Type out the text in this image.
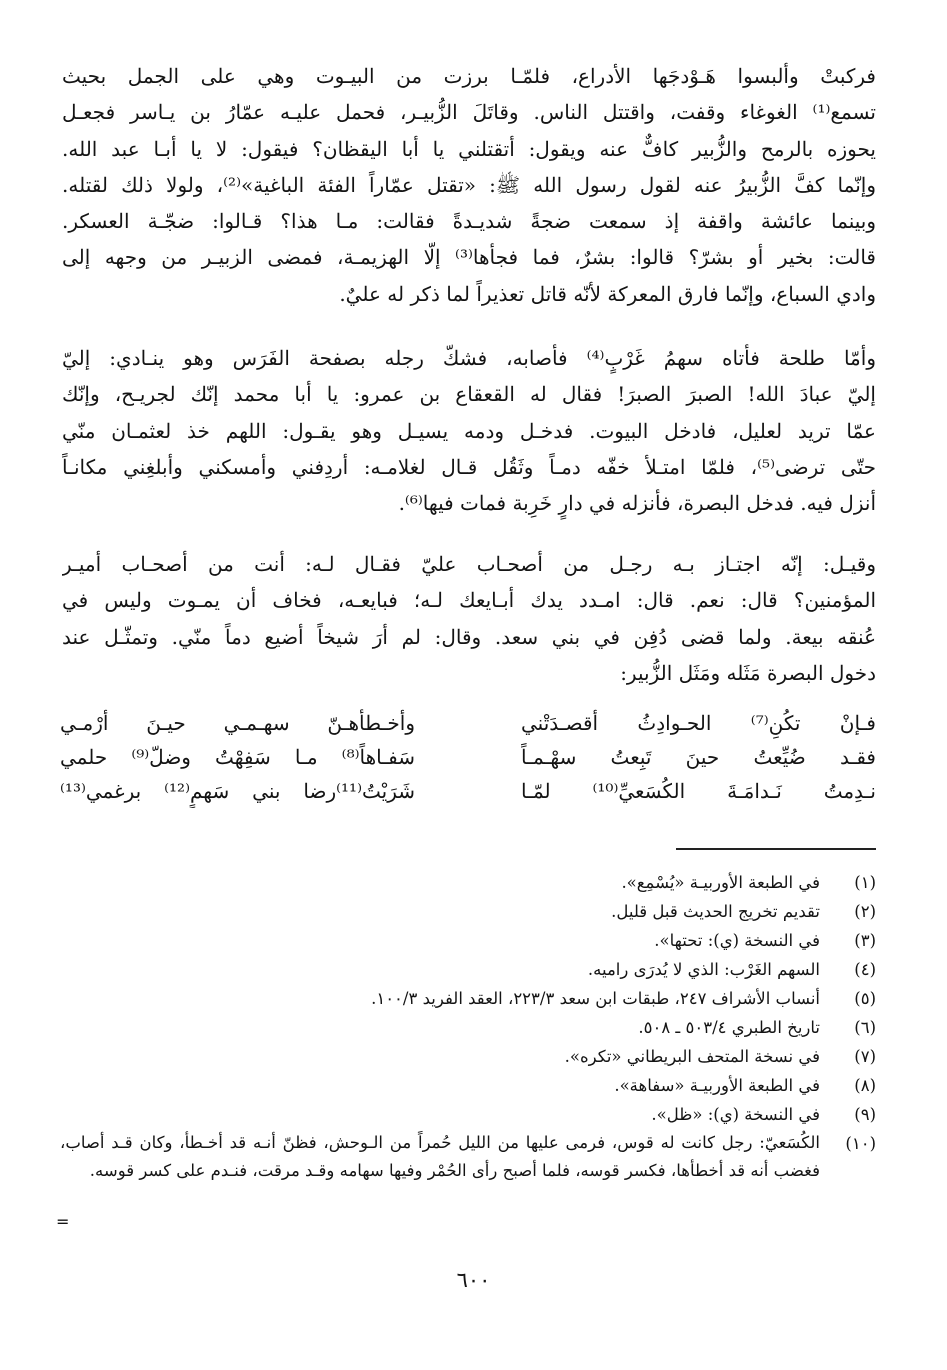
فركبتْ وألبسوا هَـوْدجَها الأدراع، فلمّـا برزت من البيـوت وهي على الجمل بحيث
تسمع⁽¹⁾ الغوغاء وقفت، واقتتل الناس. وقاتَلَ الزُّبيـر، فحمل عليـه عمّارُ بن يـاسر فجعـل
يحوزه بالرمح والزُّبير كافٌّ عنه ويقول: أتقتلني يا أبا اليقظان؟ فيقول: لا يا أبـا عبد الله.
وإنّما كفَّ الزُّبيرُ عنه لقول رسول الله ﷺ: «تقتل عمّاراً الفئة الباغية»⁽²⁾، ولولا ذلك لقتله.
وبينما عائشة واقفة إذ سمعت ضجةً شديـدةً فقالت: مـا هذا؟ قـالوا: ضجّـة العسكر.
قالت: بخير أو بشرّ؟ قالوا: بشرٌ، فما فجأها⁽³⁾ إلّا الهزيمـة، فمضى الزبيـر من وجهه إلى
وادي السباع، وإنّما فارق المعركة لأنّه قاتل تعذيراً لما ذكر له عليٌ.
وأمّا طلحة فأتاه سهمُ غَرْبٍ⁽⁴⁾ فأصابه، فشكّ رجله بصفحة الفَرَس وهو ينـادي: إليّ
إليّ عبادَ الله! الصبرَ الصبرَ! فقال له القعقاع بن عمرو: يا أبا محمد إنّك لجريـح، وإنّك
عمّا تريد لعليل، فادخل البيوت. فدخـل ودمه يسيـل وهو يقـول: اللهم خذ لعثمـان منّي
حتّى ترضى⁽⁵⁾، فلمّا امتـلأ خفّه دمـاً وثَقُل قـال لغلامـه: أردِفني وأمسكني وأبلغِني مكانـاً
أنزل فيه. فدخل البصرة، فأنزله في دارٍ خَرِبة فمات فيها⁽⁶⁾.
وقيـل: إنّه اجتـاز بـه رجـل من أصحـاب عليّ فقـال لـه: أنت من أصحـاب أميـر
المؤمنين؟ قال: نعم. قال: امـدد يدك أبـايعك لـه؛ فبايعـه، فخاف أن يمـوت وليس في
عُنقه بيعة. ولما قضى دُفِن في بني سعد. وقال: لم أرَ شيخاً أضيع دماً منّي. وتمثّـل عند
دخول البصرة مَثَله ومَثَل الزُّبير:
فـإنْ تكُنِ⁽⁷⁾ الحـوادِثُ أقصـدَتْني
وأخـطأهـنّ سهـمـي حيـنَ أرْمـي
فقـد ضُيِّعتُ حينَ تَبِعتُ سهْـمـاً
سَفـاهاً⁽⁸⁾ مـا سَفِهْتُ وضلّ⁽⁹⁾ حلمي
نـدِمتُ نَـدامَـةَ الكُسَعيِّ⁽¹⁰⁾ لمّـا
شَرَيْتُ⁽¹¹⁾رضا بني سَهمٍ⁽¹²⁾ برغمي⁽¹³⁾
(١)
في الطبعة الأوربيـة «يُسْمِع».
(٢)
تقديم تخريج الحديث قبل قليل.
(٣)
في النسخة (ي): تحتها».
(٤)
السهم الغَرْب: الذي لا يُدرَى راميه.
(٥)
أنساب الأشراف ٢٤٧، طبقات ابن سعد ٢٢٣/٣، العقد الفريد ١٠٠/٣.
(٦)
تاريخ الطبري ٥٠٣/٤ ـ ٥٠٨.
(٧)
في نسخة المتحف البريطاني «تكره».
(٨)
في الطبعة الأوربيـة «سفاهة».
(٩)
في النسخة (ي): «ظل».
(١٠)
الكُسَعيّ: رجل كانت له قوس، فرمى عليها من الليل حُمراً من الـوحش، فظنّ أنـه قد أخـطأ، وكان قـد أصاب، فغضب أنه قد أخطأها، فكسر قوسه، فلما أصبح رأى الحُمْر وفيها سهامه وقـد مرقت، فنـدم على كسر قوسه.
=
٦٠٠
